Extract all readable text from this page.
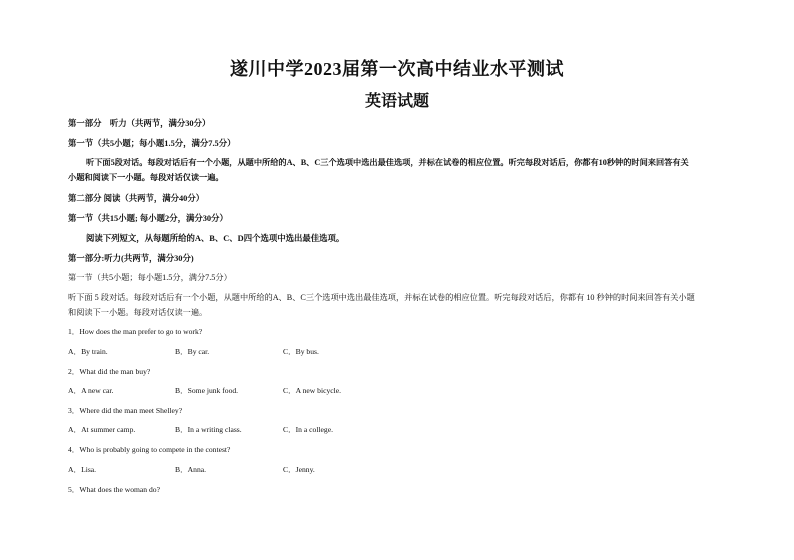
遂川中学2023届第一次高中结业水平测试
英语试题
第一部分　听力（共两节，满分30分）
第一节（共5小题；每小题1.5分，满分7.5分）
听下面5段对话。每段对话后有一个小题，从题中所给的A、B、C三个选项中选出最佳选项，并标在试卷的相应位置。听完每段对话后，你都有10秒钟的时间来回答有关
小题和阅读下一小题。每段对话仅读一遍。
第二部分 阅读（共两节，满分40分）
第一节（共15小题; 每小题2分，满分30分）
阅读下列短文，从每题所给的A、B、C、D四个选项中选出最佳选项。
第一部分:听力(共两节，满分30分)
第一节（共5小题；每小题1.5分，满分7.5分）
听下面 5 段对话。每段对话后有一个小题，从题中所给的A、B、C三个选项中选出最佳选项，并标在试卷的相应位置。听完每段对话后，你都有 10 秒钟的时间来回答有关小题
和阅读下一小题。每段对话仅读一遍。
1．How does the man prefer to go to work?
A．By train.	B．By car.	C．By bus.
2．What did the man buy?
A．A new car.	B．Some junk food.	C．A new bicycle.
3．Where did the man meet Shelley?
A．At summer camp.	B．In a writing class.	C．In a college.
4．Who is probably going to compete in the contest?
A．Lisa.	B．Anna.	C．Jenny.
5．What does the woman do?
